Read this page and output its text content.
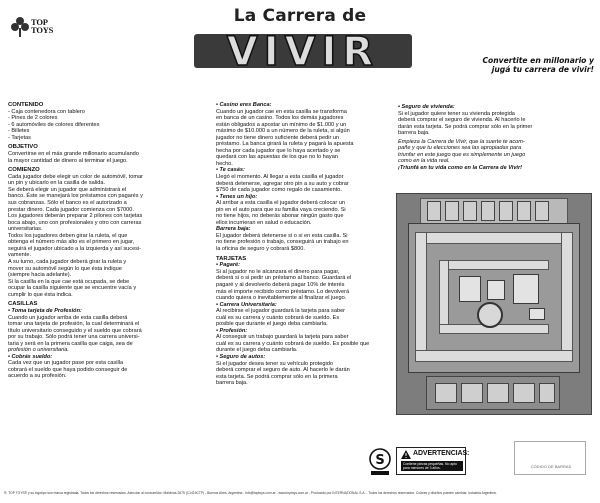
TOP
TOYS
La Carrera de
VIVIR	Convertite en millonario y
jugá tu carrera de vivir!
CONTENIDO
- Caja contenedora con tablero
- Pines de 2 colores
- 6 automóviles de colores diferentes
- Billetes
- Tarjetas
OBJETIVO
Convertirse en el más grande millonario acumulando
la mayor cantidad de dinero al terminar el juego.
COMIENZO
Cada jugador debe elegir un color de automóvil, tomar
un pin y ubicarlo en la casilla de salida.
Se deberá elegir un jugador que administrará el
banco. Éste se manejará los préstamos con pagarés y
sus cobranzas. Sólo el banco es el autorizado a
prestar dinero. Cada jugador comienza con $7000.
Los jugadores deberán preparar 2 pilones con tarjetas
boca abajo, uno con profesionales y otro con carreras
universitarias.
Todos los jugadores deben girar la ruleta, el que
obtenga el número más alto es el primero en jugar,
seguirá el jugador ubicado a la izquierda y así sucesi-
vamente.
A su turno, cada jugador deberá girar la ruleta y
mover su automóvil según lo que ésta indique
(siempre hacia adelante).
Si la casilla en la que cae está ocupada, se debe
ocupar la casilla siguiente que se encuentre vacía y
cumplir lo que ésta indica.
CASILLAS
• Toma tarjeta de Profesión:
Cuando un jugador arriba de esta casilla deberá
tomar una tarjeta de profesión, la cual determinará el
título universitario conseguido y el sueldo que cobrará
por su trabajo. Sólo podrá tener una carrera universi-
taria y será en la primera casilla que caiga, sea de
profesión o universitaria.
• Cobrás sueldo:
Cada vez que un jugador pase por esta casilla
cobrará el sueldo que haya podido conseguir de
acuerdo a su profesión.
• Casino eres Banca:
Cuando un jugador cae en esta casilla se transforma
en banca de un casino. Todos los demás jugadores
están obligados a apostar un mínimo de $1.000 y un
máximo de $10.000 a un número de la ruleta, si algún
jugador no tiene dinero suficiente deberá pedir un
préstamo. La banca girará la ruleta y pagará la apuesta
hecha por cada jugador que lo haya acertado y se
quedará con las apuestas de los que no lo hayan
hecho.
• Te casás:
Llegó el momento. Al llegar a esta casilla el jugador
deberá detenerse, agregar otro pin a su auto y cobrar
$750 de cada jugador como regalo de casamiento.
• Tenes un hijo:
Al arribar a esta casilla el jugador deberá colocar un
pin en el auto para que su familia vaya creciendo. Si
no tiene hijos, no deberás abonar ningún gasto que
ellos incurrieran en salud o educación.
Barrera baja:
El jugador deberá detenerse si o si en esta casilla. Si
no tiene profesión o trabajo, conseguirá un trabajo en
la oficina de seguro y cobrará $800.
TARJETAS
• Pagaré:
Si al jugador no le alcanzara el dinero para pagar,
deberá si o si pedir un préstamo al banco. Guardará el
pagaré y al devolverlo deberá pagar 10% de interés
más el importe recibido como préstamo. Lo devolverá
cuando quiera o inevitablemente al finalizar el juego.
• Carrera Universitaria:
Al recibirse el jugador guardará la tarjeta para saber
cuál es su carrera y cuánto cobrará de sueldo. Es
posible que durante el juego deba cambiarla.
• Profesión:
Al conseguir un trabajo guardará la tarjeta para saber
cuál es su carrera y cuánto cobrará de sueldo. Es posible que
durante el juego deba cambiarla.
• Seguro de autos:
Si el jugador desea tener su vehículo protegido
deberá comprar el seguro de auto. Al hacerlo le darán
esta tarjeta. Se podrá comprar sólo en la primera
barrera baja.
• Seguro de vivienda:
Si el jugador quiere tener su vivienda protegida
deberá comprar el seguro de vivienda. Al hacerlo le
darán esta tarjeta. Se podrá comprar sólo en la primer
barrera baja.
Empieza la Carrera de Vivir, que la suerte te acom-
pañe y que tu elecciones sea las apropiadas para
triunfar en este juego que es simplemente un juego
como en la vida real.
¡Triunfá en tu vida como en la Carrera de Vivir!
S	ADVERTENCIAS:
Contiene piezas pequeñas. No apto para menores de 3 años.	CÓDIGO DE BARRAS
®, TOP TOYS® y su logotipo son marca registrada. Todos los derechos reservados. Atención al consumidor: Malvinas 2675 (C1419CTP) - Buenos Aires, Argentina - info@toptoys.com.ar - www.toptoys.com.ar - Producido por INTERNATIONAL S.A. - Todos los derechos reservados. Colores y diseños pueden cambiar. Industria Argentina.
